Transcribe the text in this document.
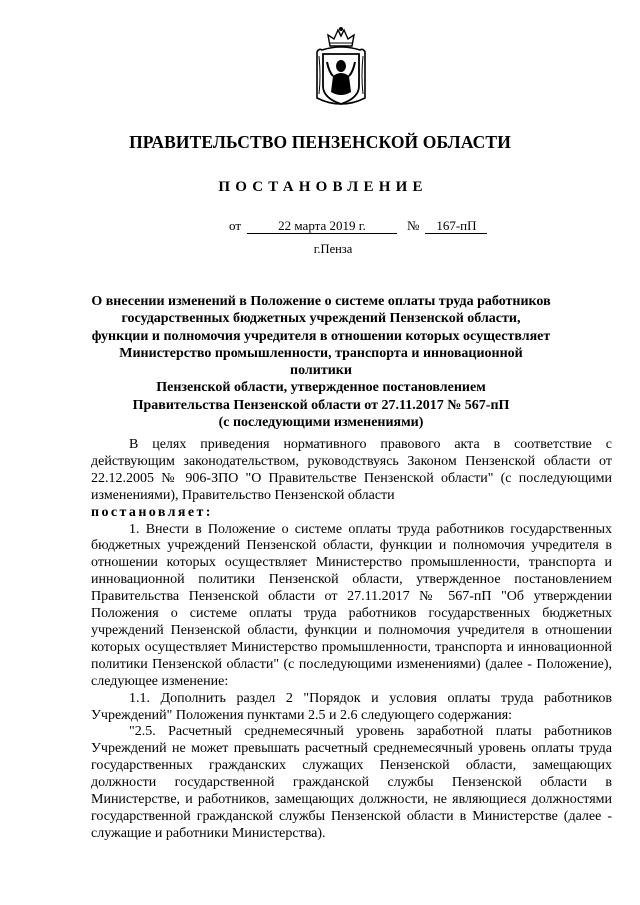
ПРАВИТЕЛЬСТВО ПЕНЗЕНСКОЙ ОБЛАСТИ
ПОСТАНОВЛЕНИЕ
от	22 марта 2019 г.	№ 167-пП
г.Пенза
О внесении изменений в Положение о системе оплаты труда работников
государственных бюджетных учреждений Пензенской области,
функции и полномочия учредителя в отношении которых осуществляет
Министерство промышленности, транспорта и инновационной политики
Пензенской области, утвержденное постановлением
Правительства Пензенской области от 27.11.2017 № 567-пП
(с последующими изменениями)

В целях приведения нормативного правового акта в соответствие с действующим законодательством, руководствуясь Законом Пензенской области от 22.12.2005 № 906-ЗПО "О Правительстве Пензенской области" (с последующими изменениями), Правительство Пензенской области

постановляет:

1. Внести в Положение о системе оплаты труда работников государственных бюджетных учреждений Пензенской области, функции и полномочия учредителя в отношении которых осуществляет Министерство промышленности, транспорта и инновационной политики Пензенской области, утвержденное постановлением Правительства Пензенской области от 27.11.2017 № 567-пП "Об утверждении Положения о системе оплаты труда работников государственных бюджетных учреждений Пензенской области, функции и полномочия учредителя в отношении которых осуществляет Министерство промышленности, транспорта и инновационной политики Пензенской области" (с последующими изменениями) (далее - Положение), следующее изменение:

1.1. Дополнить раздел 2 "Порядок и условия оплаты труда работников Учреждений" Положения пунктами 2.5 и 2.6 следующего содержания:

"2.5. Расчетный среднемесячный уровень заработной платы работников Учреждений не может превышать расчетный среднемесячный уровень оплаты труда государственных гражданских служащих Пензенской области, замещающих должности государственной гражданской службы Пензенской области в Министерстве, и работников, замещающих должности, не являющиеся должностями государственной гражданской службы Пензенской области в Министерстве (далее - служащие и работники Министерства).
